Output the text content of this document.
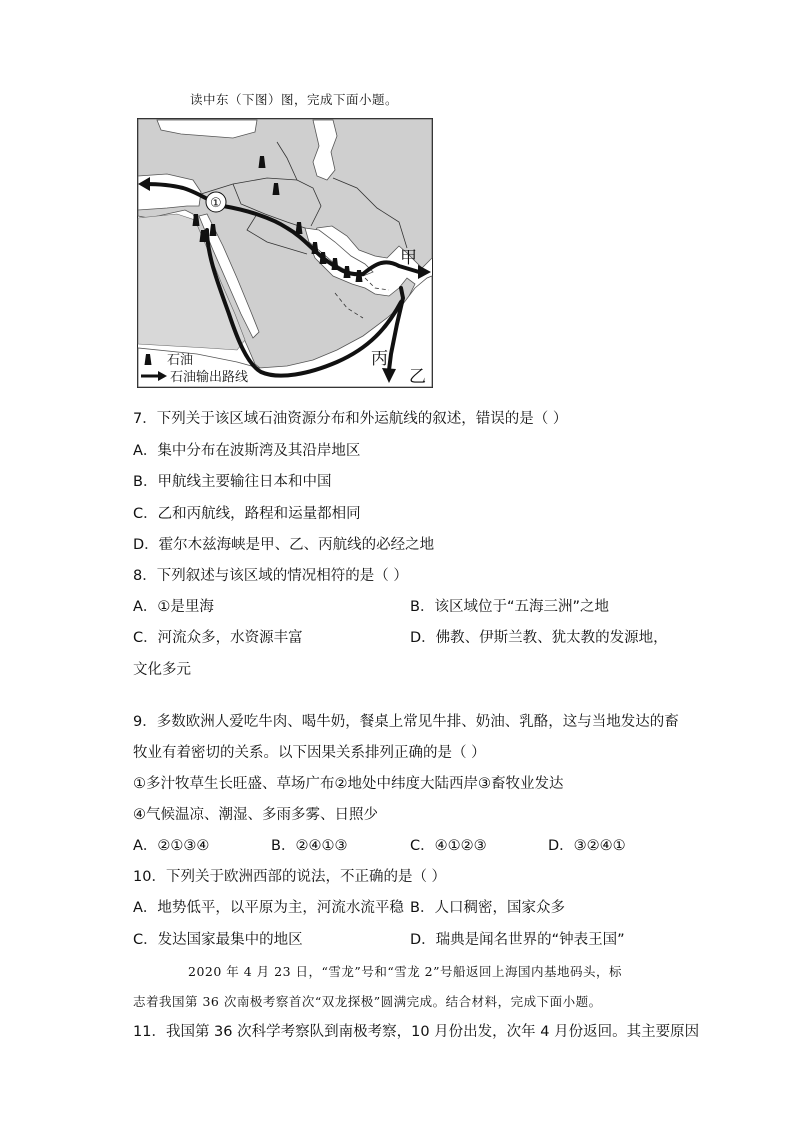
读中东（下图）图，完成下面小题。
①
甲
乙
丙
石油
石油输出路线
7．下列关于该区域石油资源分布和外运航线的叙述，错误的是（ ）
A．集中分布在波斯湾及其沿岸地区
B．甲航线主要输往日本和中国
C．乙和丙航线，路程和运量都相同
D．霍尔木兹海峡是甲、乙、丙航线的必经之地
8．下列叙述与该区域的情况相符的是（ ）
A．①是里海	B．该区域位于“五海三洲”之地
C．河流众多，水资源丰富	D．佛教、伊斯兰教、犹太教的发源地，
文化多元
9．多数欧洲人爱吃牛肉、喝牛奶，餐桌上常见牛排、奶油、乳酪，这与当地发达的畜
牧业有着密切的关系。以下因果关系排列正确的是（ ）
①多汁牧草生长旺盛、草场广布②地处中纬度大陆西岸③畜牧业发达
④气候温凉、潮湿、多雨多雾、日照少
A．②①③④	B．②④①③	C．④①②③	D．③②④①
10．下列关于欧洲西部的说法，不正确的是（ ）
A．地势低平，以平原为主，河流水流平稳 B．人口稠密，国家众多
C．发达国家最集中的地区	D．瑞典是闻名世界的“钟表王国”
2020 年 4 月 23 日，“雪龙”号和“雪龙 2”号船返回上海国内基地码头，标
志着我国第 36 次南极考察首次“双龙探极”圆满完成。结合材料，完成下面小题。
11．我国第 36 次科学考察队到南极考察，10 月份出发，次年 4 月份返回。其主要原因
